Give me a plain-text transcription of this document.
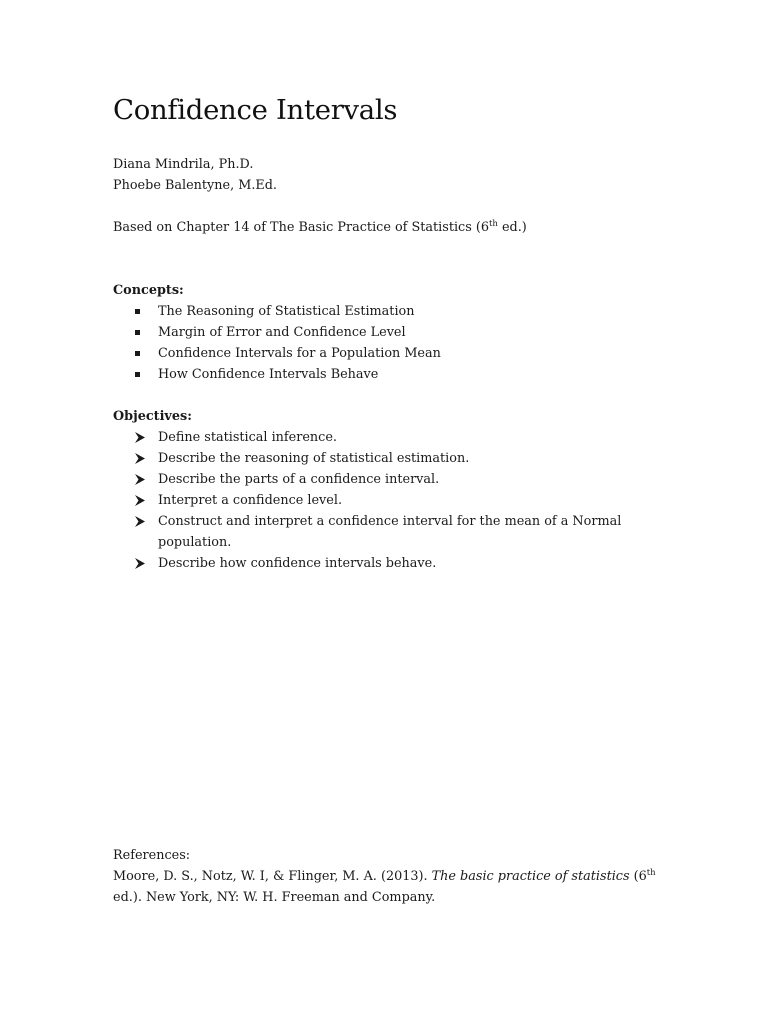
Confidence Intervals
Diana Mindrila, Ph.D.
Phoebe Balentyne, M.Ed.
Based on Chapter 14 of The Basic Practice of Statistics (6th ed.)
Concepts:
The Reasoning of Statistical Estimation
Margin of Error and Confidence Level
Confidence Intervals for a Population Mean
How Confidence Intervals Behave
Objectives:
Define statistical inference.
Describe the reasoning of statistical estimation.
Describe the parts of a confidence interval.
Interpret a confidence level.
Construct and interpret a confidence interval for the mean of a Normal
population.
Describe how confidence intervals behave.
References:
Moore, D. S., Notz, W. I, & Flinger, M. A. (2013). The basic practice of statistics (6th
ed.). New York, NY: W. H. Freeman and Company.
